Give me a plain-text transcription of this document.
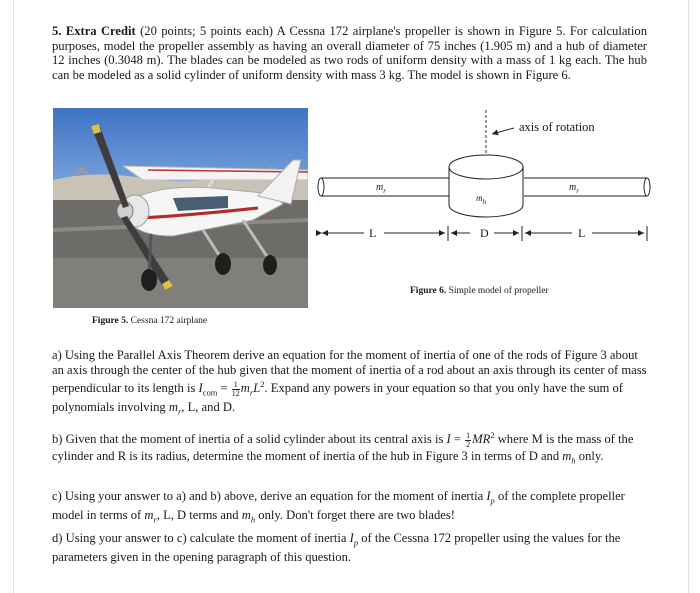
5. Extra Credit (20 points; 5 points each) A Cessna 172 airplane's propeller is shown in Figure 5. For calculation purposes, model the propeller assembly as having an overall diameter of 75 inches (1.905 m) and a hub of diameter 12 inches (0.3048 m). The blades can be modeled as two rods of uniform density with a mass of 1 kg each. The hub can be modeled as a solid cylinder of uniform density with mass 3 kg. The model is shown in Figure 6.
Figure 5. Cessna 172 airplane
axis of rotation
$m_r$	$m_r$
$m_h$
L	D	L
Figure 6. Simple model of propeller
a) Using the Parallel Axis Theorem derive an equation for the moment of inertia of one of the rods of Figure 3 about an axis through the center of the hub given that the moment of inertia of a rod about an axis through its center of mass perpendicular to its length is $I_{com} = \frac{1}{12} m_rL^2$. Expand any powers in your equation so that you only have the sum of polynomials involving $m_r$, L, and D.
b) Given that the moment of inertia of a solid cylinder about its central axis is $I = \frac{1}{2} MR^2$ where M is the mass of the cylinder and R is its radius, determine the moment of inertia of the hub in Figure 3 in terms of D and $m_h$ only.
c) Using your answer to a) and b) above, derive an equation for the moment of inertia $I_p$ of the complete propeller model in terms of $m_r$, L, D terms and $m_h$ only. Don't forget there are two blades!
d) Using your answer to c) calculate the moment of inertia $I_p$ of the Cessna 172 propeller using the values for the parameters given in the opening paragraph of this question.
